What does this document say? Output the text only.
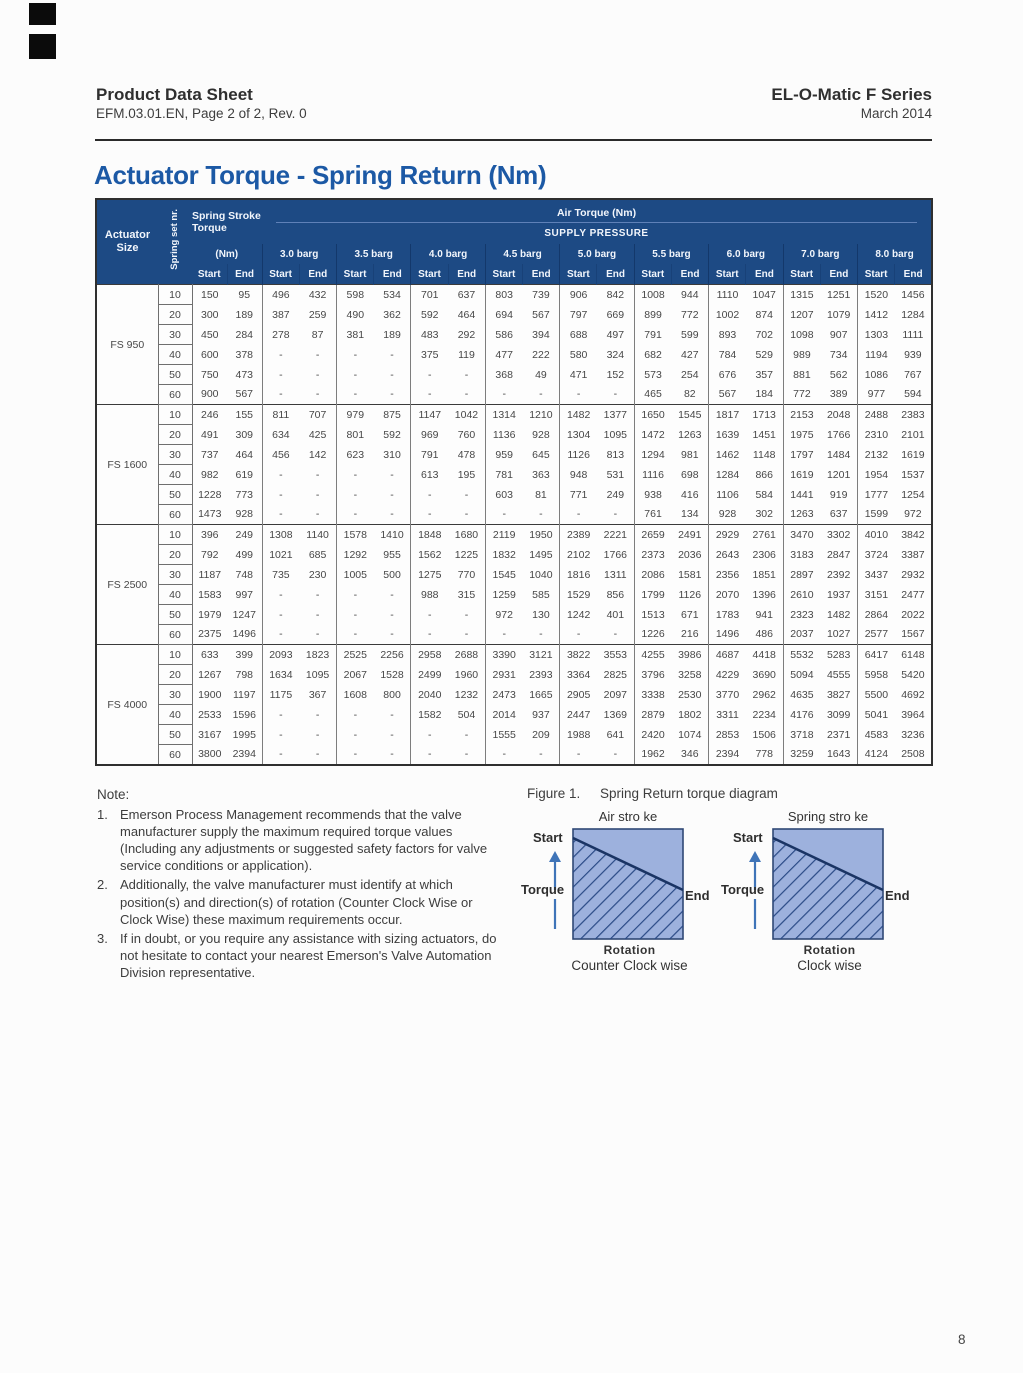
Product Data Sheet
EFM.03.01.EN, Page 2 of 2, Rev. 0
EL-O-Matic F Series
March 2014
Actuator Torque - Spring Return (Nm)
Actuator Size	Spring set nr.	Spring Stroke Torque		Air Torque (Nm)																	

				SUPPLY PRESSURE																	
		(Nm)		3.0 barg		3.5 barg		4.0 barg		4.5 barg		5.0 barg		5.5 barg		6.0 barg		7.0 barg		8.0 barg	
		Start	End	Start	End	Start	End	Start	End	Start	End	Start	End	Start	End	Start	End	Start	End	Start	End
FS 950	10	150	95	496	432	598	534	701	637	803	739	906	842	1008	944	1110	1047	1315	1251	1520	1456
	20	300	189	387	259	490	362	592	464	694	567	797	669	899	772	1002	874	1207	1079	1412	1284
	30	450	284	278	87	381	189	483	292	586	394	688	497	791	599	893	702	1098	907	1303	1111
	40	600	378	-	-	-	-	375	119	477	222	580	324	682	427	784	529	989	734	1194	939
	50	750	473	-	-	-	-	-	-	368	49	471	152	573	254	676	357	881	562	1086	767
	60	900	567	-	-	-	-	-	-	-	-	-	-	465	82	567	184	772	389	977	594
FS 1600	10	246	155	811	707	979	875	1147	1042	1314	1210	1482	1377	1650	1545	1817	1713	2153	2048	2488	2383
	20	491	309	634	425	801	592	969	760	1136	928	1304	1095	1472	1263	1639	1451	1975	1766	2310	2101
	30	737	464	456	142	623	310	791	478	959	645	1126	813	1294	981	1462	1148	1797	1484	2132	1619
	40	982	619	-	-	-	-	613	195	781	363	948	531	1116	698	1284	866	1619	1201	1954	1537
	50	1228	773	-	-	-	-	-	-	603	81	771	249	938	416	1106	584	1441	919	1777	1254
	60	1473	928	-	-	-	-	-	-	-	-	-	-	761	134	928	302	1263	637	1599	972
FS 2500	10	396	249	1308	1140	1578	1410	1848	1680	2119	1950	2389	2221	2659	2491	2929	2761	3470	3302	4010	3842
	20	792	499	1021	685	1292	955	1562	1225	1832	1495	2102	1766	2373	2036	2643	2306	3183	2847	3724	3387
	30	1187	748	735	230	1005	500	1275	770	1545	1040	1816	1311	2086	1581	2356	1851	2897	2392	3437	2932
	40	1583	997	-	-	-	-	988	315	1259	585	1529	856	1799	1126	2070	1396	2610	1937	3151	2477
	50	1979	1247	-	-	-	-	-	-	972	130	1242	401	1513	671	1783	941	2323	1482	2864	2022
	60	2375	1496	-	-	-	-	-	-	-	-	-	-	1226	216	1496	486	2037	1027	2577	1567
FS 4000	10	633	399	2093	1823	2525	2256	2958	2688	3390	3121	3822	3553	4255	3986	4687	4418	5532	5283	6417	6148
	20	1267	798	1634	1095	2067	1528	2499	1960	2931	2393	3364	2825	3796	3258	4229	3690	5094	4555	5958	5420
	30	1900	1197	1175	367	1608	800	2040	1232	2473	1665	2905	2097	3338	2530	3770	2962	4635	3827	5500	4692
	40	2533	1596	-	-	-	-	1582	504	2014	937	2447	1369	2879	1802	3311	2234	4176	3099	5041	3964
	50	3167	1995	-	-	-	-	-	-	1555	209	1988	641	2420	1074	2853	1506	3718	2371	4583	3236
	60	3800	2394	-	-	-	-	-	-	-	-	-	-	1962	346	2394	778	3259	1643	4124	2508
Note:
1. Emerson Process Management recommends that the valve manufacturer supply the maximum required torque values (Including any adjustments or suggested safety factors for valve service conditions or application).
2. Additionally, the valve manufacturer must identify at which position(s) and direction(s) of rotation (Counter Clock Wise or Clock Wise) these maximum requirements occur.
3. If in doubt, or you require any assistance with sizing actuators, do not hesitate to contact your nearest Emerson's Valve Automation Division representative.
Figure 1.	Spring Return torque diagram
Air stro ke
Start
Torque	End
Rotation
Counter Clock wise
Spring stro ke
Start
Torque	End
Rotation
Clock wise
8
